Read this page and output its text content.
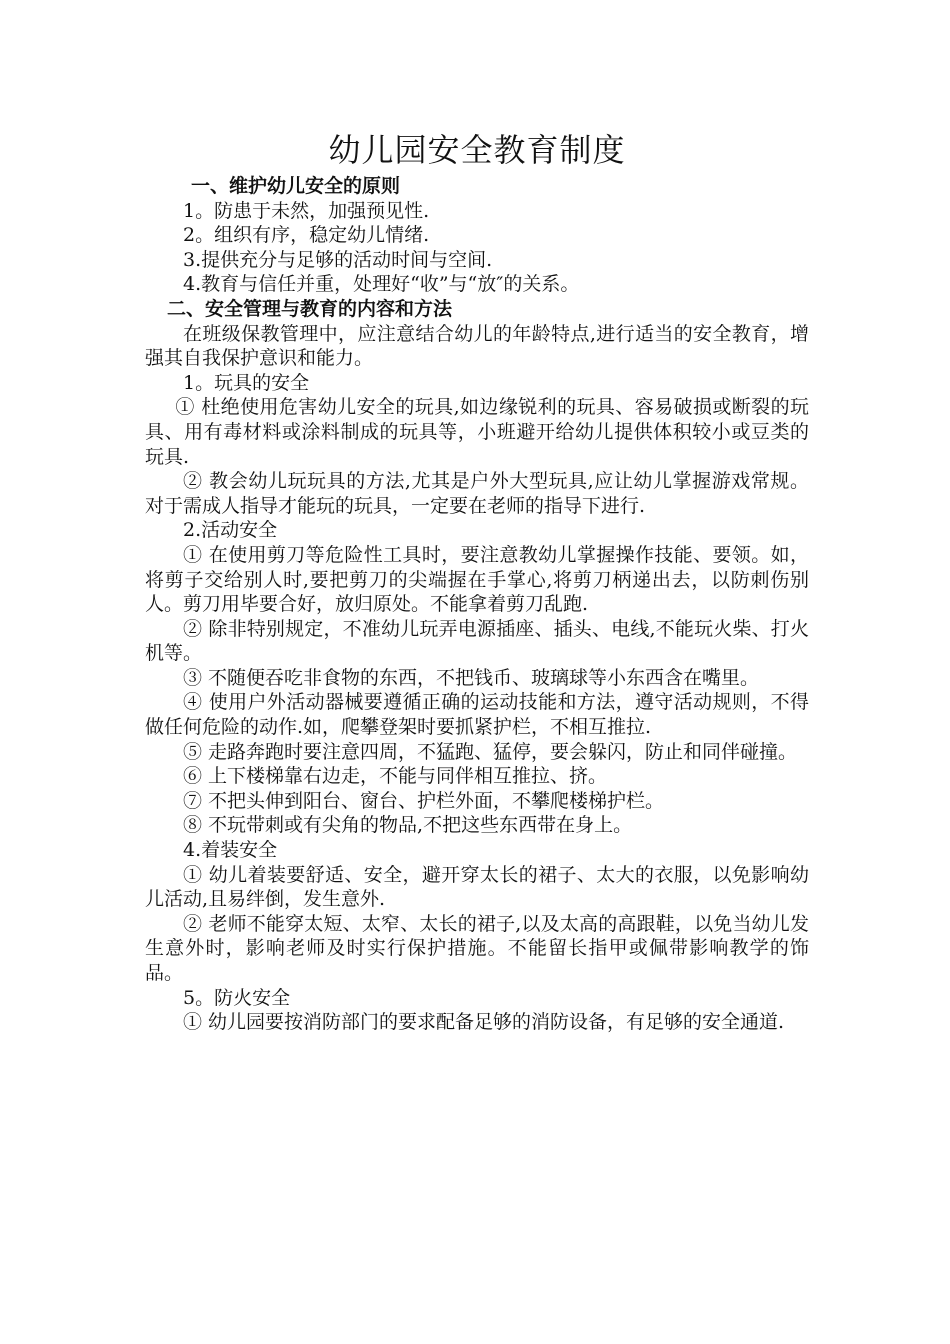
幼儿园安全教育制度
一、维护幼儿安全的原则

1。防患于未然，加强预见性.

2。组织有序，稳定幼儿情绪.

3.提供充分与足够的活动时间与空间.

4.教育与信任并重，处理好“收”与“放″的关系。

二、安全管理与教育的内容和方法

在班级保教管理中，应注意结合幼儿的年龄特点,进行适当的安全教育，增强其自我保护意识和能力。

1。玩具的安全

① 杜绝使用危害幼儿安全的玩具,如边缘锐利的玩具、容易破损或断裂的玩具、用有毒材料或涂料制成的玩具等，小班避开给幼儿提供体积较小或豆类的玩具.

② 教会幼儿玩玩具的方法,尤其是户外大型玩具,应让幼儿掌握游戏常规。对于需成人指导才能玩的玩具，一定要在老师的指导下进行.

2.活动安全

① 在使用剪刀等危险性工具时，要注意教幼儿掌握操作技能、要领。如，将剪子交给别人时,要把剪刀的尖端握在手掌心,将剪刀柄递出去，以防刺伤别人。剪刀用毕要合好，放归原处。不能拿着剪刀乱跑.

② 除非特别规定，不准幼儿玩弄电源插座、插头、电线,不能玩火柴、打火机等。

③ 不随便吞吃非食物的东西，不把钱币、玻璃球等小东西含在嘴里。

④ 使用户外活动器械要遵循正确的运动技能和方法，遵守活动规则，不得做任何危险的动作.如，爬攀登架时要抓紧护栏，不相互推拉.

⑤ 走路奔跑时要注意四周，不猛跑、猛停，要会躲闪，防止和同伴碰撞。

⑥ 上下楼梯靠右边走，不能与同伴相互推拉、挤。

⑦ 不把头伸到阳台、窗台、护栏外面，不攀爬楼梯护栏。

⑧ 不玩带刺或有尖角的物品,不把这些东西带在身上。

4.着装安全

① 幼儿着装要舒适、安全，避开穿太长的裙子、太大的衣服，以免影响幼儿活动,且易绊倒，发生意外.

② 老师不能穿太短、太窄、太长的裙子,以及太高的高跟鞋，以免当幼儿发生意外时，影响老师及时实行保护措施。不能留长指甲或佩带影响教学的饰品。

5。防火安全

① 幼儿园要按消防部门的要求配备足够的消防设备，有足够的安全通道.
